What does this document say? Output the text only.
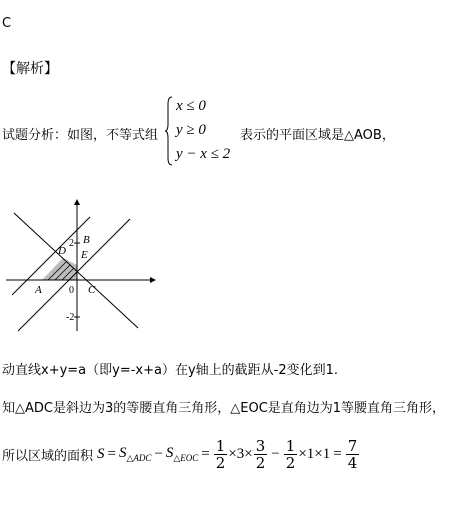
C
【解析】
试题分析：如图，不等式组
x ≤ 0
y ≥ 0
y − x ≤ 2
表示的平面区域是△AOB，
2
-2
B
D E
A	0 C
动直线x+y=a（即y=-x+a）在y轴上的截距从-2变化到1.
知△ADC是斜边为3的等腰直角三角形，△EOC是直角边为1等腰直角三角形，
所以区域的面积 $S = S_{\triangle ADC} - S_{\triangle EOC} = \frac{1}{2} \times 3 \times \frac{3}{2} - \frac{1}{2} \times 1 \times 1 = \frac{7}{4}$
